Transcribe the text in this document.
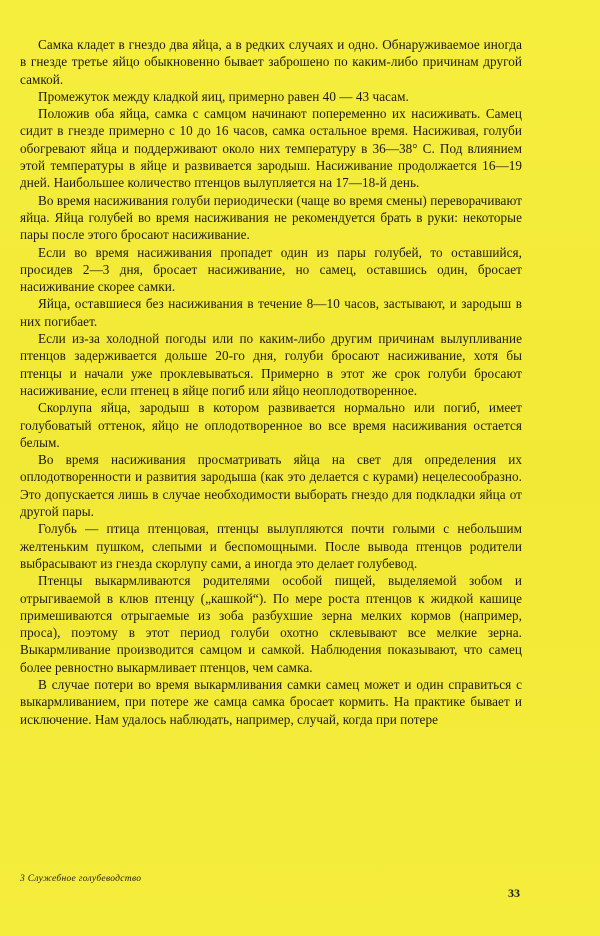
Самка кладет в гнездо два яйца, а в редких случаях и одно. Обнаруживаемое иногда в гнезде третье яйцо обыкновенно бывает заброшено по каким-либо причинам другой самкой.

Промежуток между кладкой яиц, примерно равен 40 — 43 часам.

Положив оба яйца, самка с самцом начинают попеременно их насиживать. Самец сидит в гнезде примерно с 10 до 16 часов, самка остальное время. Насиживая, голуби обогревают яйца и поддерживают около них температуру в 36—38° С. Под влиянием этой температуры в яйце и развивается зародыш. Насиживание продолжается 16—19 дней. Наибольшее количество птенцов вылупляется на 17—18-й день.

Во время насиживания голуби периодически (чаще во время смены) переворачивают яйца. Яйца голубей во время насиживания не рекомендуется брать в руки: некоторые пары после этого бросают насиживание.

Если во время насиживания пропадет один из пары голубей, то оставшийся, просидев 2—3 дня, бросает насиживание, но самец, оставшись один, бросает насиживание скорее самки.

Яйца, оставшиеся без насиживания в течение 8—10 часов, застывают, и зародыш в них погибает.

Если из-за холодной погоды или по каким-либо другим причинам вылупливание птенцов задерживается дольше 20-го дня, голуби бросают насиживание, хотя бы птенцы и начали уже проклевываться. Примерно в этот же срок голуби бросают насиживание, если птенец в яйце погиб или яйцо неоплодотворенное.

Скорлупа яйца, зародыш в котором развивается нормально или погиб, имеет голубоватый оттенок, яйцо не оплодотворенное во все время насиживания остается белым.

Во время насиживания просматривать яйца на свет для определения их оплодотворенности и развития зародыша (как это делается с курами) нецелесообразно. Это допускается лишь в случае необходимости выборать гнездо для подкладки яйца от другой пары.

Голубь — птица птенцовая, птенцы вылупляются почти голыми с небольшим желтеньким пушком, слепыми и беспомощными. После вывода птенцов родители выбрасывают из гнезда скорлупу сами, а иногда это делает голубевод.

Птенцы выкармливаются родителями особой пищей, выделяемой зобом и отрыгиваемой в клюв птенцу („кашкой“). По мере роста птенцов к жидкой кашице примешиваются отрыгаемые из зоба разбухшие зерна мелких кормов (например, проса), поэтому в этот период голуби охотно склевывают все мелкие зерна. Выкармливание производится самцом и самкой. Наблюдения показывают, что самец более ревностно выкармливает птенцов, чем самка.

В случае потери во время выкармливания самки самец может и один справиться с выкармливанием, при потере же самца самка бросает кормить. На практике бывает и исключение. Нам удалось наблюдать, например, случай, когда при потере

3 Служебное голубеводство
33
